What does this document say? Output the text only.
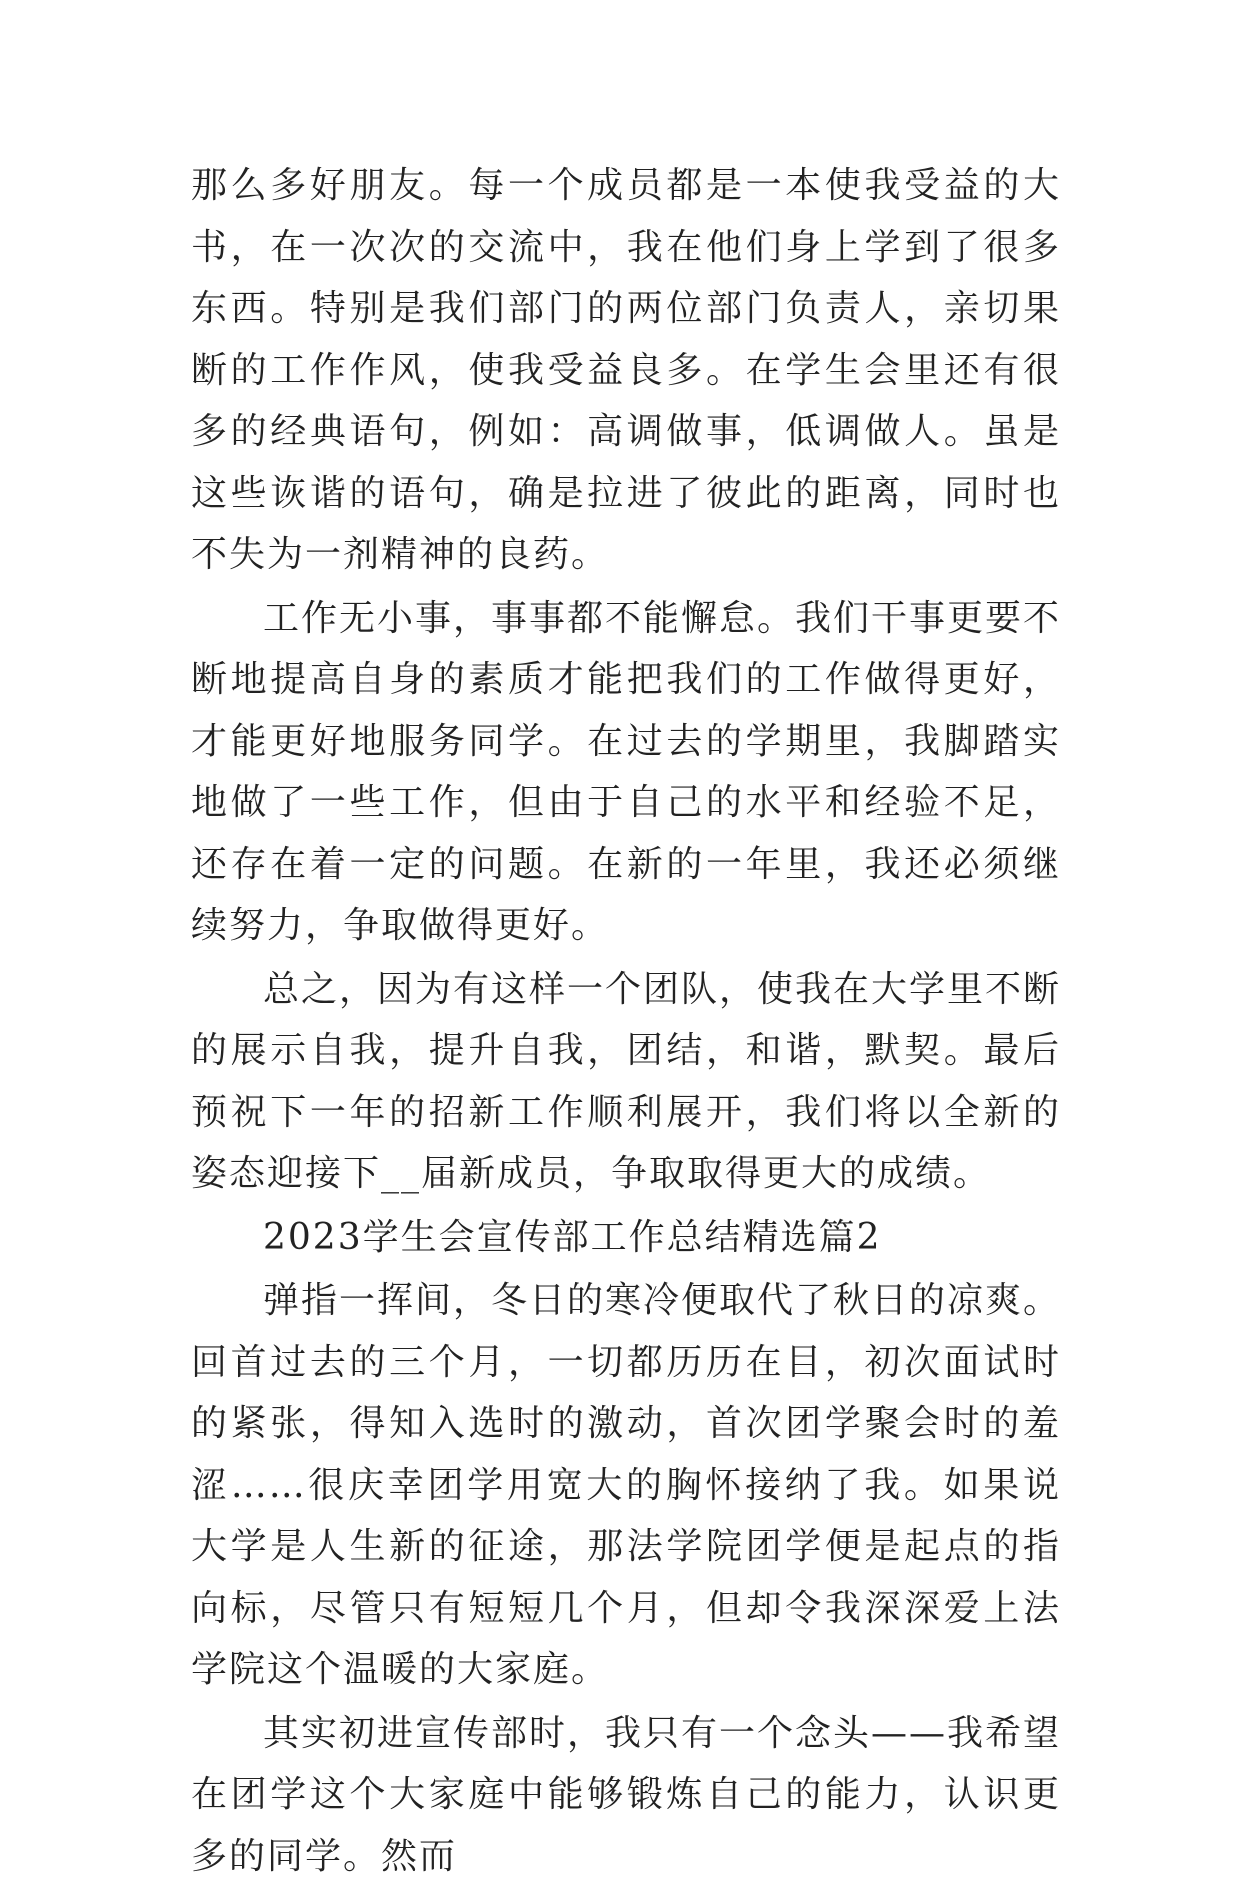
那么多好朋友。每一个成员都是一本使我受益的大书，在一次次的交流中，我在他们身上学到了很多东西。特别是我们部门的两位部门负责人，亲切果断的工作作风，使我受益良多。在学生会里还有很多的经典语句，例如：高调做事，低调做人。虽是这些诙谐的语句，确是拉进了彼此的距离，同时也不失为一剂精神的良药。

工作无小事，事事都不能懈怠。我们干事更要不断地提高自身的素质才能把我们的工作做得更好，才能更好地服务同学。在过去的学期里，我脚踏实地做了一些工作，但由于自己的水平和经验不足，还存在着一定的问题。在新的一年里，我还必须继续努力，争取做得更好。

总之，因为有这样一个团队，使我在大学里不断的展示自我，提升自我，团结，和谐，默契。最后预祝下一年的招新工作顺利展开，我们将以全新的姿态迎接下__届新成员，争取取得更大的成绩。

2023学生会宣传部工作总结精选篇2

弹指一挥间，冬日的寒冷便取代了秋日的凉爽。回首过去的三个月，一切都历历在目，初次面试时的紧张，得知入选时的激动，首次团学聚会时的羞涩……很庆幸团学用宽大的胸怀接纳了我。如果说大学是人生新的征途，那法学院团学便是起点的指向标，尽管只有短短几个月，但却令我深深爱上法学院这个温暖的大家庭。

其实初进宣传部时，我只有一个念头——我希望在团学这个大家庭中能够锻炼自己的能力，认识更多的同学。然而
